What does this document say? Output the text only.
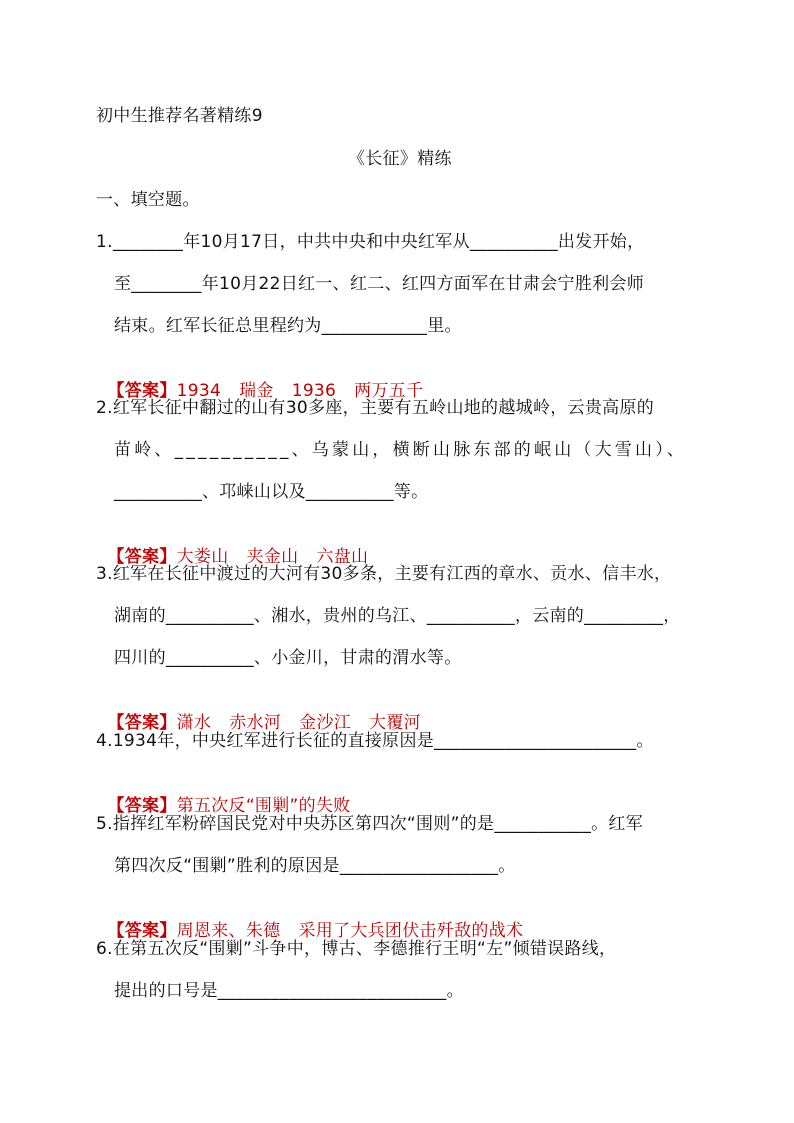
初中生推荐名著精练9
《长征》精练
一、填空题。
1.________年10月17日，中共中央和中央红军从__________出发开始，
至________年10月22日红一、红二、红四方面军在甘肃会宁胜利会师
结束。红军长征总里程约为____________里。

【答案】1934 瑞金 1936 两万五千

2.红军长征中翻过的山有30多座，主要有五岭山地的越城岭，云贵高原的
苗岭、__________、乌蒙山，横断山脉东部的岷山（大雪山）、
__________、邛崃山以及__________等。

【答案】大娄山 夹金山 六盘山

3.红军在长征中渡过的大河有30多条，主要有江西的章水、贡水、信丰水，
湖南的__________、湘水，贵州的乌江、__________，云南的_________，
四川的__________、小金川，甘肃的渭水等。

【答案】潇水 赤水河 金沙江 大覆河

4.1934年，中央红军进行长征的直接原因是_______________________。

【答案】第五次反“围剿”的失败

5.指挥红军粉碎国民党对中央苏区第四次“围则”的是___________。红军
第四次反“围剿”胜利的原因是__________________。

【答案】周恩来、朱德 采用了大兵团伏击歼敌的战术

6.在第五次反“围剿”斗争中，博古、李德推行王明“左”倾错误路线，
提出的口号是__________________________。
